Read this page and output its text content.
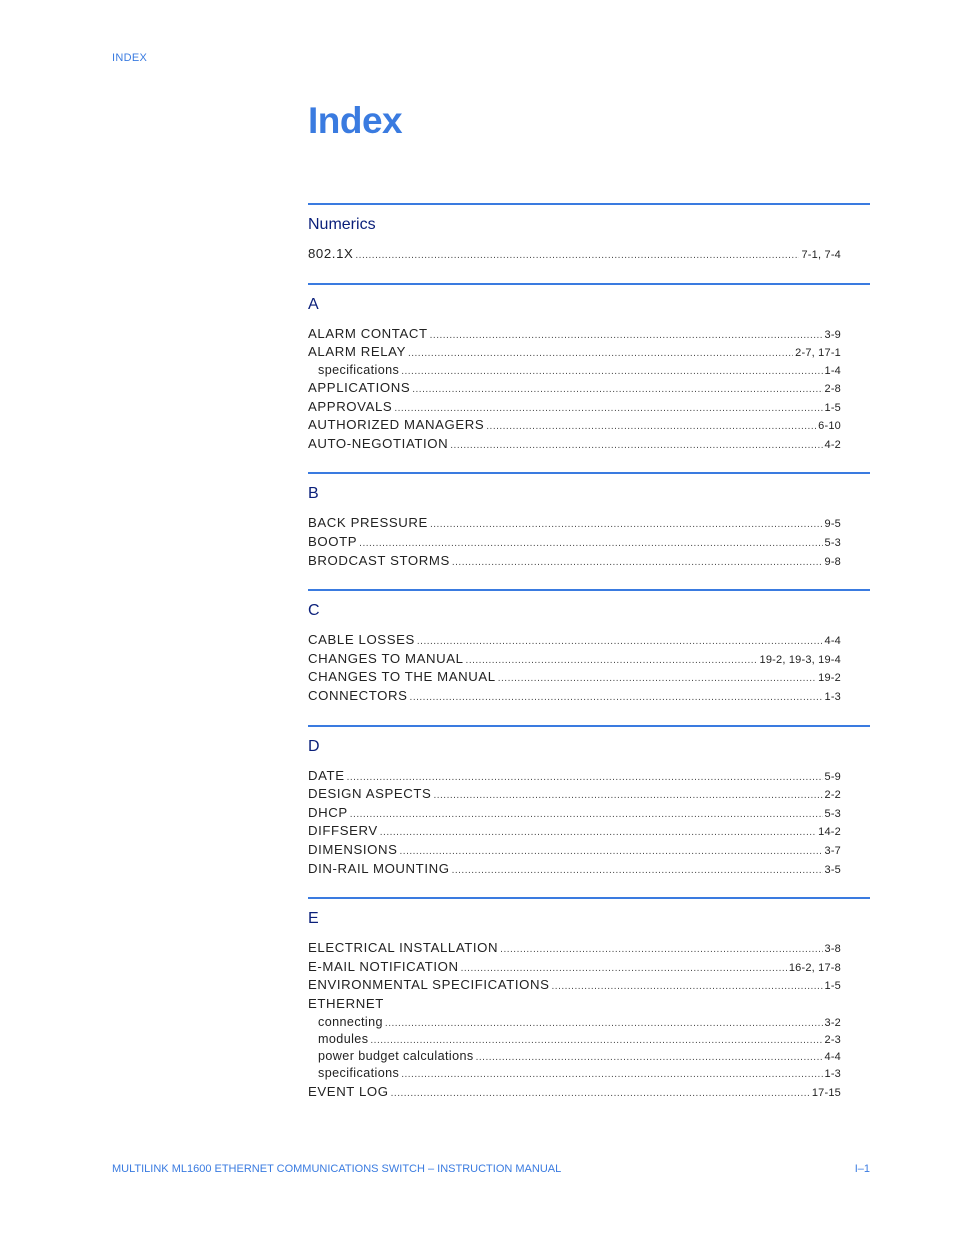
INDEX
Index
Numerics
802.1X .....	7-1, 7-4
A
ALARM CONTACT .....	3-9
ALARM RELAY .....	2-7, 17-1
specifications .....	1-4
APPLICATIONS .....	2-8
APPROVALS .....	1-5
AUTHORIZED MANAGERS .....	6-10
AUTO-NEGOTIATION .....	4-2
B
BACK PRESSURE .....	9-5
BOOTP .....	5-3
BRODCAST STORMS .....	9-8
C
CABLE LOSSES .....	4-4
CHANGES TO MANUAL .....	19-2, 19-3, 19-4
CHANGES TO THE MANUAL .....	19-2
CONNECTORS .....	1-3
D
DATE .....	5-9
DESIGN ASPECTS .....	2-2
DHCP .....	5-3
DIFFSERV .....	14-2
DIMENSIONS .....	3-7
DIN-RAIL MOUNTING .....	3-5
E
ELECTRICAL INSTALLATION .....	3-8
E-MAIL NOTIFICATION .....	16-2, 17-8
ENVIRONMENTAL SPECIFICATIONS .....	1-5
ETHERNET
connecting .....	3-2
modules .....	2-3
power budget calculations .....	4-4
specifications .....	1-3
EVENT LOG .....	17-15
MULTILINK ML1600 ETHERNET COMMUNICATIONS SWITCH – INSTRUCTION MANUAL	I–1
